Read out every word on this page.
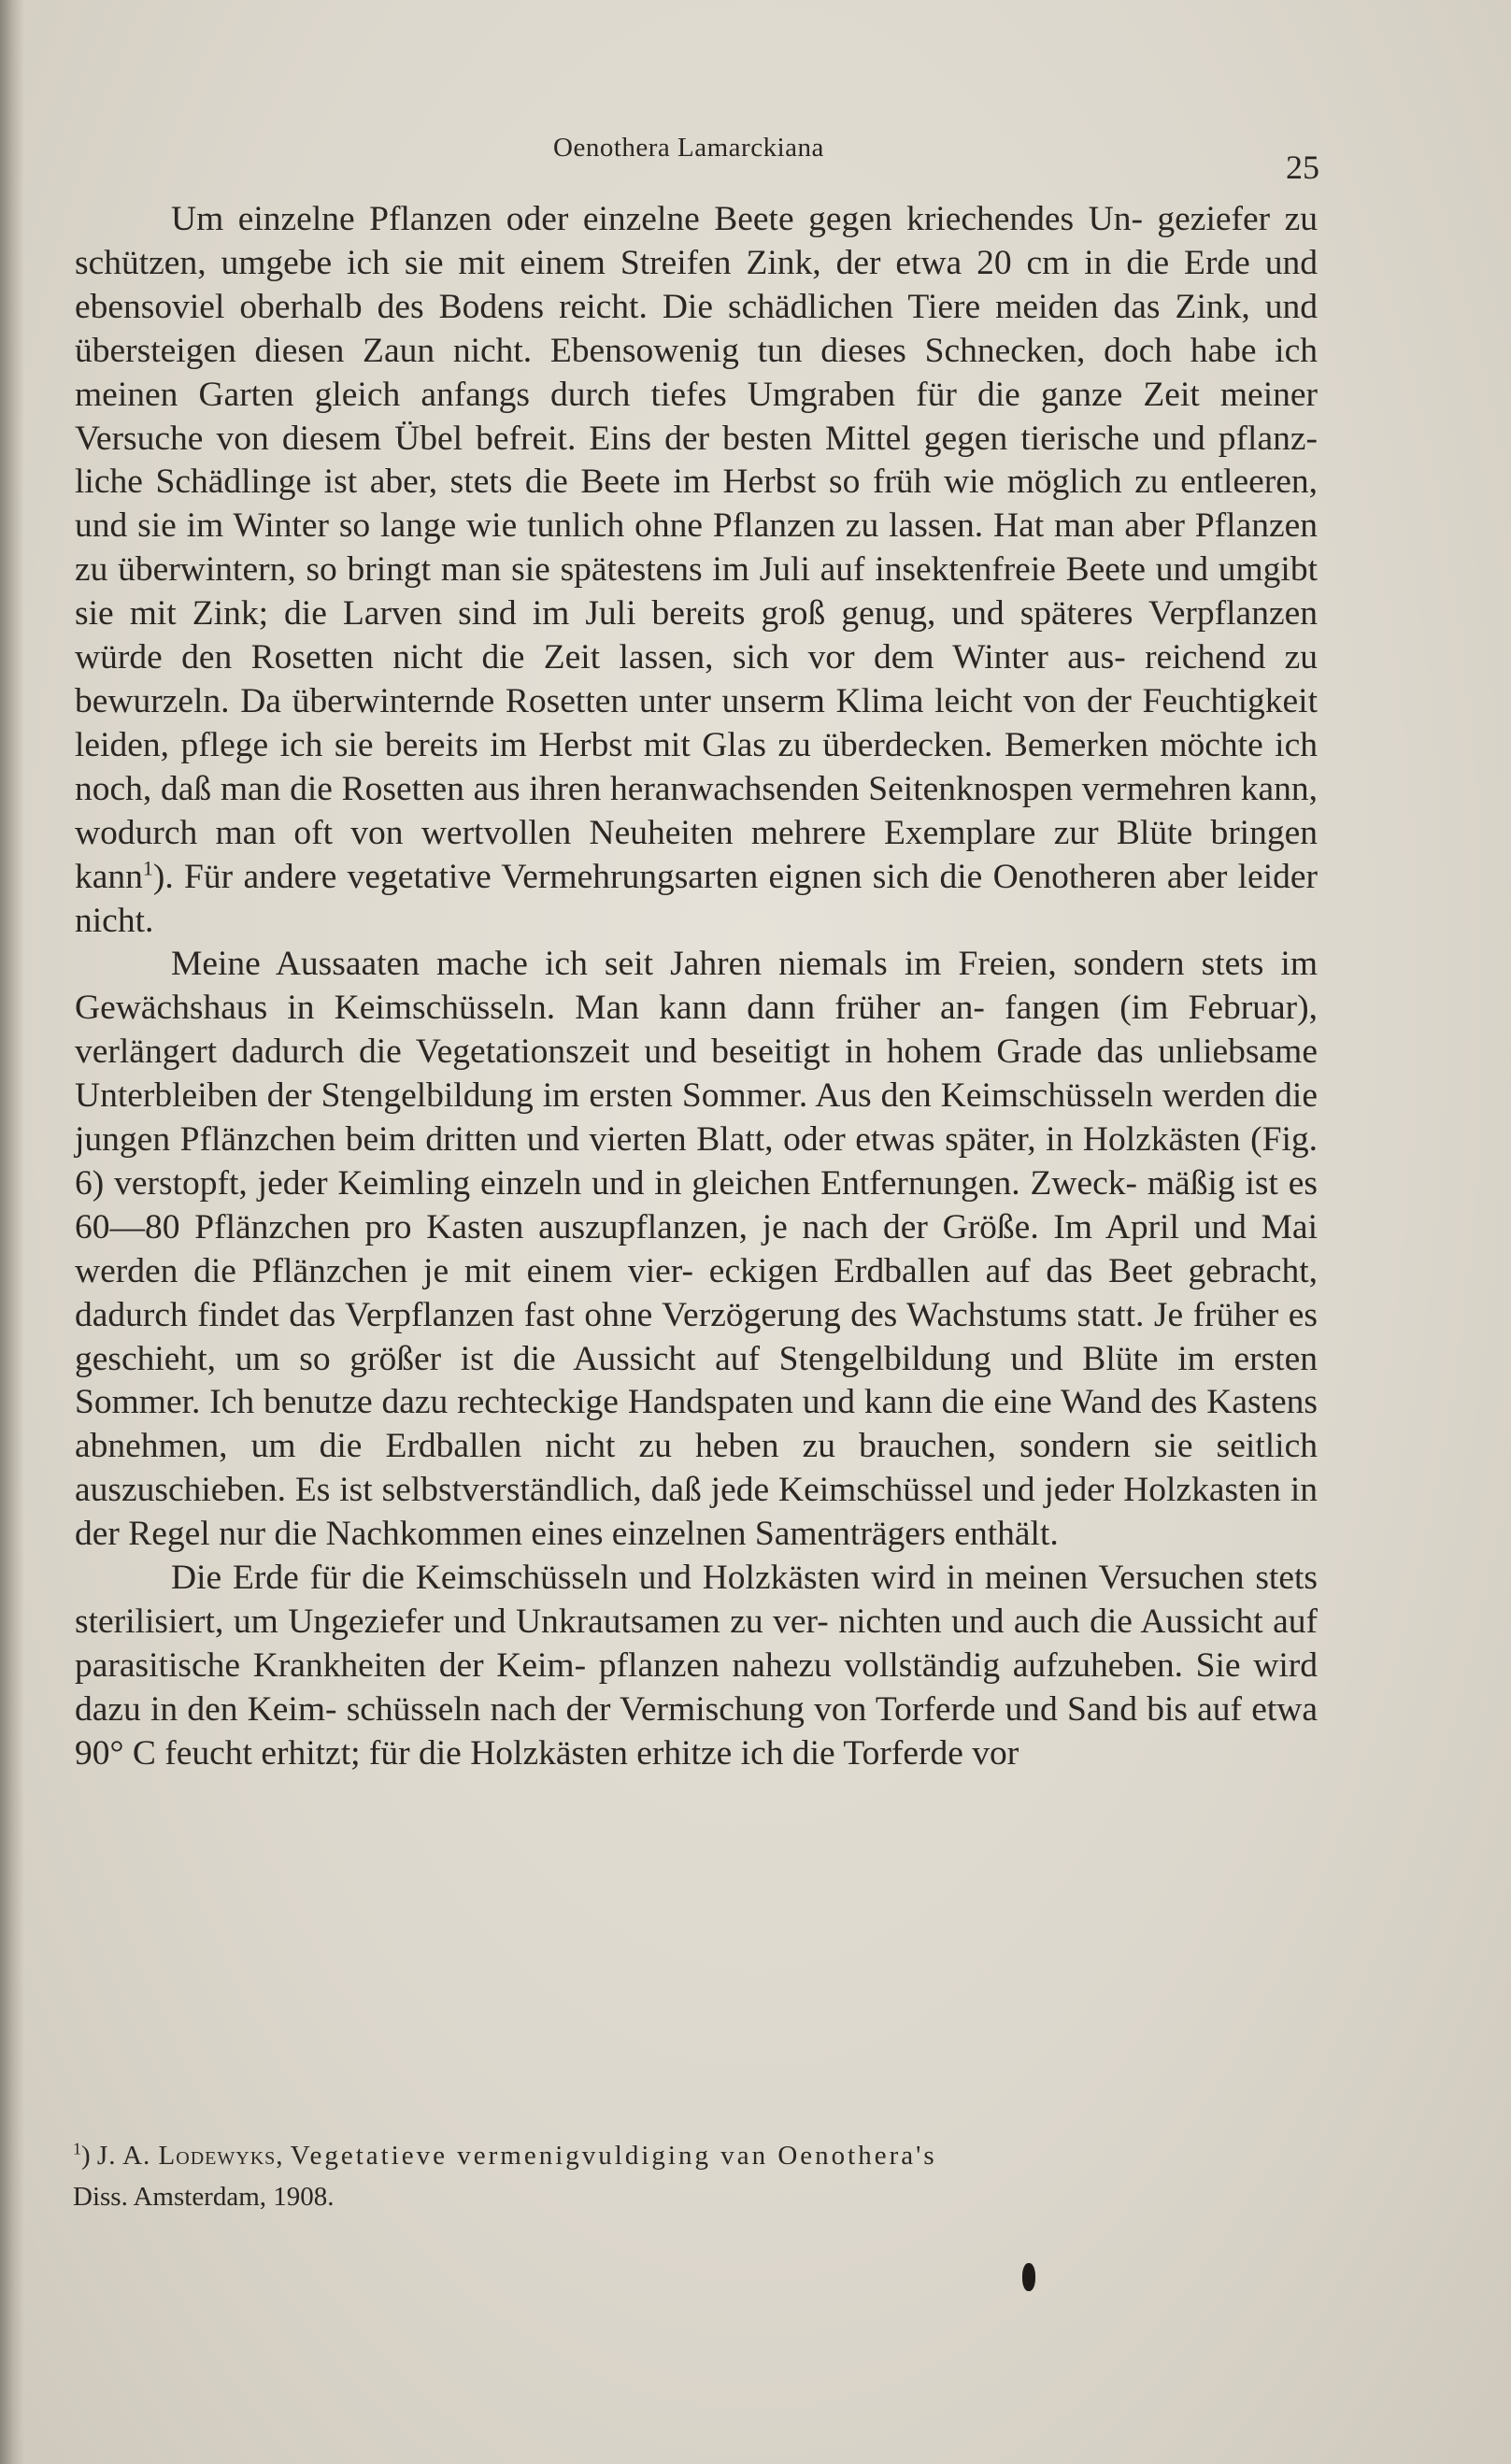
Oenothera Lamarckiana
25

Um einzelne Pflanzen oder einzelne Beete gegen kriechendes Un- geziefer zu schützen, umgebe ich sie mit einem Streifen Zink, der etwa 20 cm in die Erde und ebensoviel oberhalb des Bodens reicht. Die schädlichen Tiere meiden das Zink, und übersteigen diesen Zaun nicht. Ebensowenig tun dieses Schnecken, doch habe ich meinen Garten gleich anfangs durch tiefes Umgraben für die ganze Zeit meiner Versuche von diesem Übel befreit. Eins der besten Mittel gegen tierische und pflanz- liche Schädlinge ist aber, stets die Beete im Herbst so früh wie möglich zu entleeren, und sie im Winter so lange wie tunlich ohne Pflanzen zu lassen. Hat man aber Pflanzen zu überwintern, so bringt man sie spätestens im Juli auf insektenfreie Beete und umgibt sie mit Zink; die Larven sind im Juli bereits groß genug, und späteres Verpflanzen würde den Rosetten nicht die Zeit lassen, sich vor dem Winter aus- reichend zu bewurzeln. Da überwinternde Rosetten unter unserm Klima leicht von der Feuchtigkeit leiden, pflege ich sie bereits im Herbst mit Glas zu überdecken. Bemerken möchte ich noch, daß man die Rosetten aus ihren heranwachsenden Seitenknospen vermehren kann, wodurch man oft von wertvollen Neuheiten mehrere Exemplare zur Blüte bringen kann$^1$). Für andere vegetative Vermehrungsarten eignen sich die Oenotheren aber leider nicht.

Meine Aussaaten mache ich seit Jahren niemals im Freien, sondern stets im Gewächshaus in Keimschüsseln. Man kann dann früher an- fangen (im Februar), verlängert dadurch die Vegetationszeit und beseitigt in hohem Grade das unliebsame Unterbleiben der Stengelbildung im ersten Sommer. Aus den Keimschüsseln werden die jungen Pflänzchen beim dritten und vierten Blatt, oder etwas später, in Holzkästen (Fig. 6) verstopft, jeder Keimling einzeln und in gleichen Entfernungen. Zweck- mäßig ist es 60—80 Pflänzchen pro Kasten auszupflanzen, je nach der Größe. Im April und Mai werden die Pflänzchen je mit einem vier- eckigen Erdballen auf das Beet gebracht, dadurch findet das Verpflanzen fast ohne Verzögerung des Wachstums statt. Je früher es geschieht, um so größer ist die Aussicht auf Stengelbildung und Blüte im ersten Sommer. Ich benutze dazu rechteckige Handspaten und kann die eine Wand des Kastens abnehmen, um die Erdballen nicht zu heben zu brauchen, sondern sie seitlich auszuschieben. Es ist selbstverständlich, daß jede Keimschüssel und jeder Holzkasten in der Regel nur die Nachkommen eines einzelnen Samenträgers enthält.

Die Erde für die Keimschüsseln und Holzkästen wird in meinen Versuchen stets sterilisiert, um Ungeziefer und Unkrautsamen zu ver- nichten und auch die Aussicht auf parasitische Krankheiten der Keim- pflanzen nahezu vollständig aufzuheben. Sie wird dazu in den Keim- schüsseln nach der Vermischung von Torferde und Sand bis auf etwa 90° C feucht erhitzt; für die Holzkästen erhitze ich die Torferde vor

$^1$) J. A. Lodewyks, Vegetatieve vermenigvuldiging van Oenothera's

Diss. Amsterdam, 1908.
